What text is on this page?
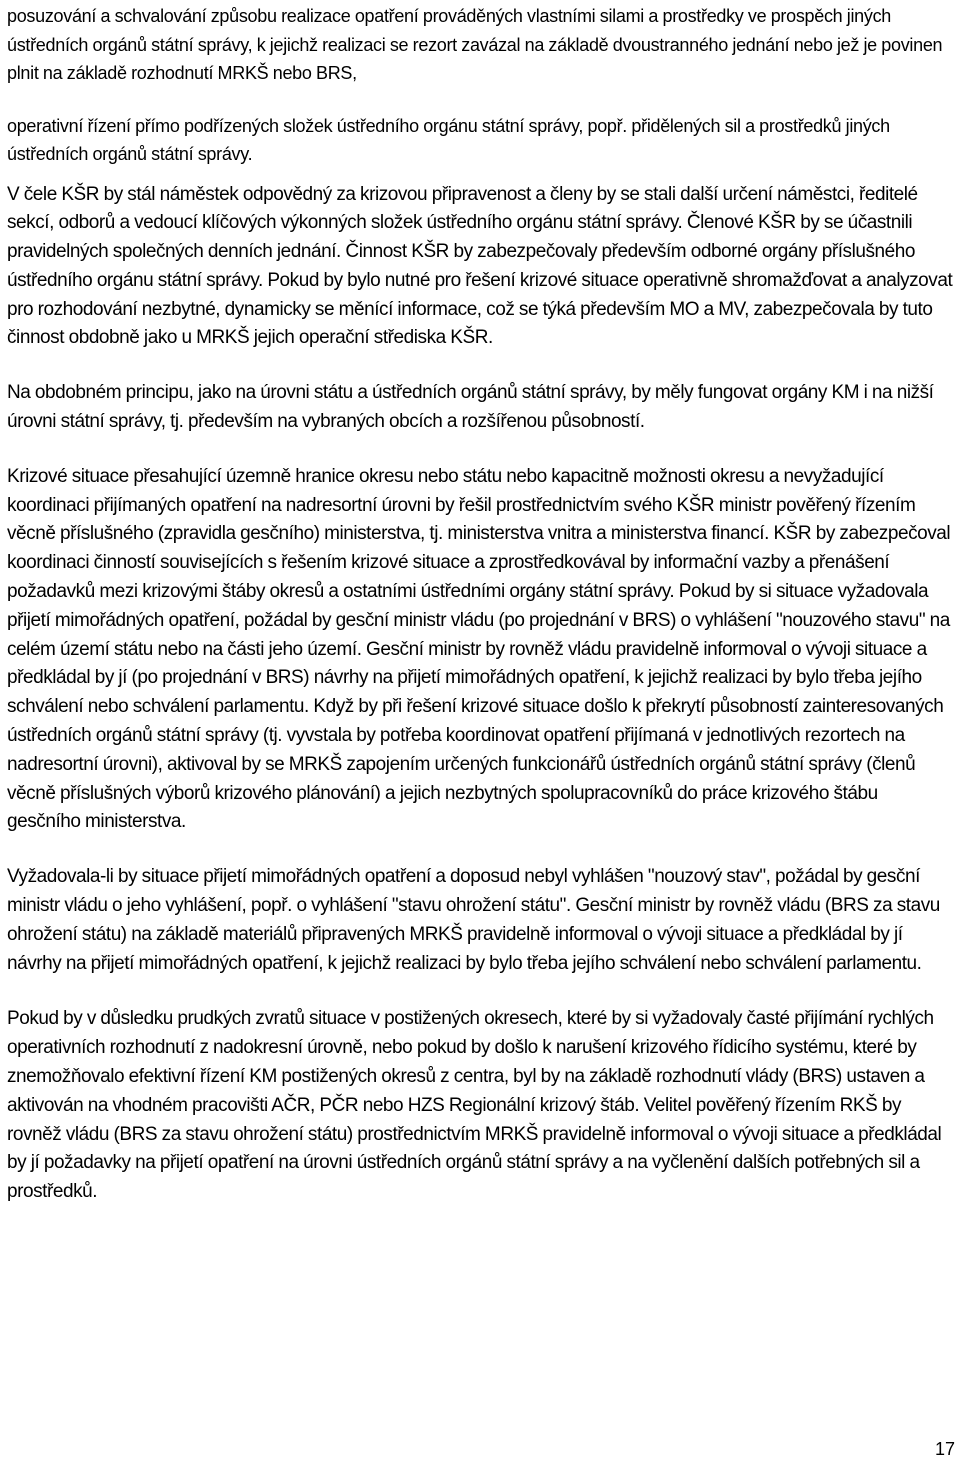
posuzování a schvalování způsobu realizace opatření prováděných vlastními silami a prostředky ve prospěch jiných ústředních orgánů státní správy, k jejichž realizaci se rezort zavázal na základě dvoustranného jednání nebo jež je povinen plnit na základě rozhodnutí MRKŠ nebo BRS,

operativní řízení přímo podřízených složek ústředního orgánu státní správy, popř. přidělených sil a prostředků jiných ústředních orgánů státní správy.

V čele KŠR by stál náměstek odpovědný za krizovou připravenost a členy by se stali další určení náměstci, ředitelé sekcí, odborů a vedoucí klíčových výkonných složek ústředního orgánu státní správy. Členové KŠR by se účastnili pravidelných společných denních jednání. Činnost KŠR by zabezpečovaly především odborné orgány příslušného ústředního orgánu státní správy. Pokud by bylo nutné pro řešení krizové situace operativně shromažďovat a analyzovat pro rozhodování nezbytné, dynamicky se měnící informace, což se týká především MO a MV, zabezpečovala by tuto činnost obdobně jako u MRKŠ jejich operační střediska KŠR.

Na obdobném principu, jako na úrovni státu a ústředních orgánů státní správy, by měly fungovat orgány KM i na nižší úrovni státní správy, tj. především na vybraných obcích a rozšířenou působností.

Krizové situace přesahující územně hranice okresu nebo státu nebo kapacitně možnosti okresu a nevyžadující koordinaci přijímaných opatření na nadresortní úrovni by řešil prostřednictvím svého KŠR ministr pověřený řízením věcně příslušného (zpravidla gesčního) ministerstva, tj. ministerstva vnitra a ministerstva financí. KŠR by zabezpečoval koordinaci činností souvisejících s řešením krizové situace a zprostředkovával by informační vazby a přenášení požadavků mezi krizovými štáby okresů a ostatními ústředními orgány státní správy. Pokud by si situace vyžadovala přijetí mimořádných opatření, požádal by gesční ministr vládu (po projednání v BRS) o vyhlášení "nouzového stavu" na celém území státu nebo na části jeho území. Gesční ministr by rovněž vládu pravidelně informoval o vývoji situace a předkládal by jí (po projednání v BRS) návrhy na přijetí mimořádných opatření, k jejichž realizaci by bylo třeba jejího schválení nebo schválení parlamentu. Když by při řešení krizové situace došlo k překrytí působností zainteresovaných ústředních orgánů státní správy (tj. vyvstala by potřeba koordinovat opatření přijímaná v jednotlivých rezortech na nadresortní úrovni), aktivoval by se MRKŠ zapojením určených funkcionářů ústředních orgánů státní správy (členů věcně příslušných výborů krizového plánování) a jejich nezbytných spolupracovníků do práce krizového štábu gesčního ministerstva.

Vyžadovala-li by situace přijetí mimořádných opatření a doposud nebyl vyhlášen "nouzový stav", požádal by gesční ministr vládu o jeho vyhlášení, popř. o vyhlášení "stavu ohrožení státu". Gesční ministr by rovněž vládu (BRS za stavu ohrožení státu) na základě materiálů připravených MRKŠ pravidelně informoval o vývoji situace a předkládal by jí návrhy na přijetí mimořádných opatření, k jejichž realizaci by bylo třeba jejího schválení nebo schválení parlamentu.

Pokud by v důsledku prudkých zvratů situace v postižených okresech, které by si vyžadovaly časté přijímání rychlých operativních rozhodnutí z nadokresní úrovně, nebo pokud by došlo k narušení krizového řídicího systému, které by znemožňovalo efektivní řízení KM postižených okresů z centra, byl by na základě rozhodnutí vlády (BRS) ustaven a aktivován na vhodném pracovišti AČR, PČR nebo HZS Regionální krizový štáb. Velitel pověřený řízením RKŠ by rovněž vládu (BRS za stavu ohrožení státu) prostřednictvím MRKŠ pravidelně informoval o vývoji situace a předkládal by jí požadavky na přijetí opatření na úrovni ústředních orgánů státní správy a na vyčlenění dalších potřebných sil a prostředků.

17
